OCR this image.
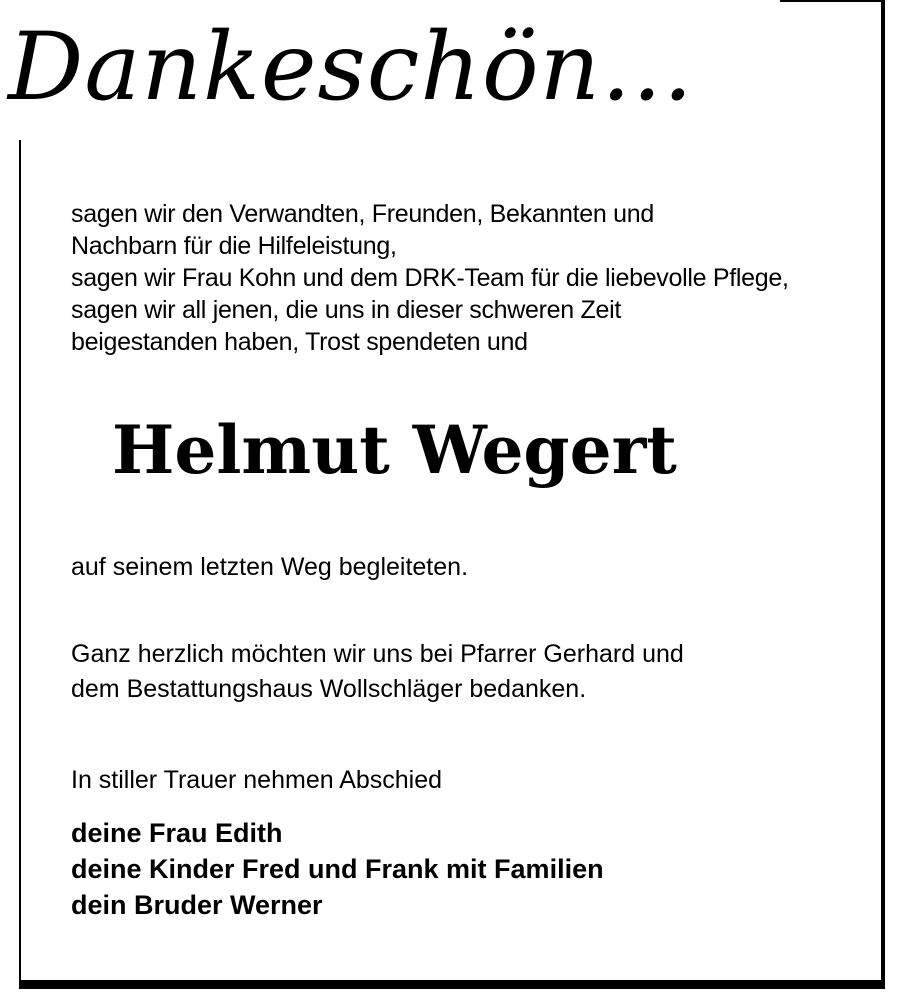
Dankeschön...

sagen wir den Verwandten, Freunden, Bekannten und
Nachbarn für die Hilfeleistung,
sagen wir Frau Kohn und dem DRK-Team für die liebevolle Pflege,
sagen wir all jenen, die uns in dieser schweren Zeit
beigestanden haben, Trost spendeten und

Helmut Wegert

auf seinem letzten Weg begleiteten.

Ganz herzlich möchten wir uns bei Pfarrer Gerhard und
dem Bestattungshaus Wollschläger bedanken.

In stiller Trauer nehmen Abschied

deine Frau Edith
deine Kinder Fred und Frank mit Familien
dein Bruder Werner
